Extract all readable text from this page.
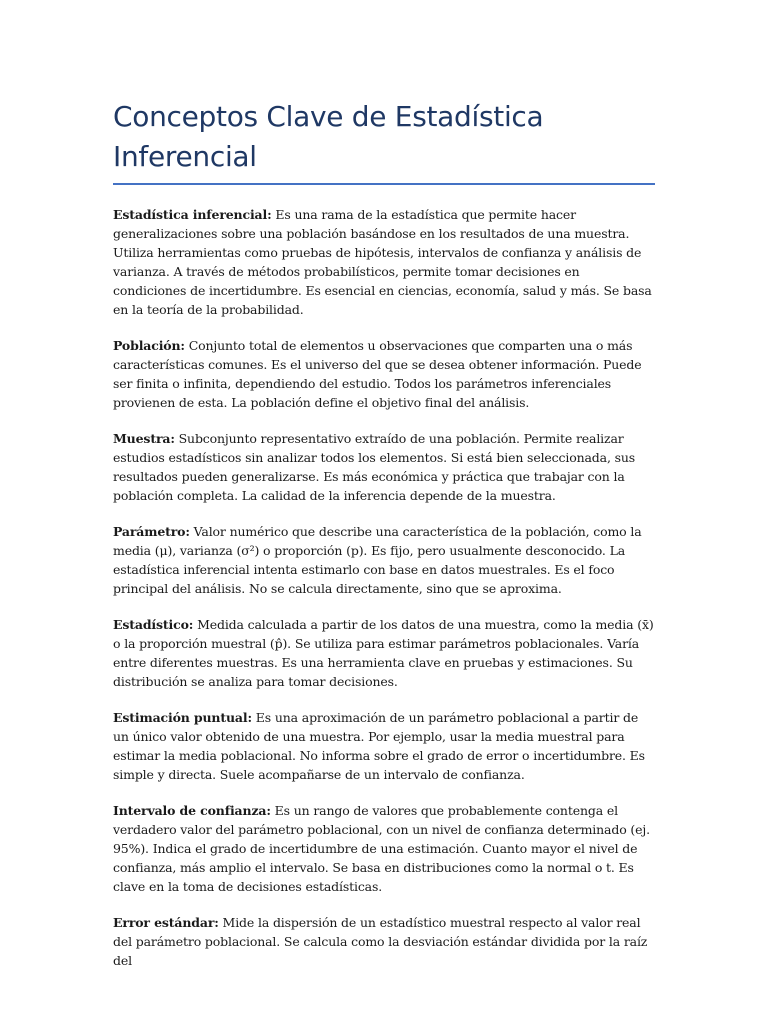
Conceptos Clave de Estadística Inferencial

Estadística inferencial: Es una rama de la estadística que permite hacer generalizaciones sobre una población basándose en los resultados de una muestra. Utiliza herramientas como pruebas de hipótesis, intervalos de confianza y análisis de varianza. A través de métodos probabilísticos, permite tomar decisiones en condiciones de incertidumbre. Es esencial en ciencias, economía, salud y más. Se basa en la teoría de la probabilidad.

Población: Conjunto total de elementos u observaciones que comparten una o más características comunes. Es el universo del que se desea obtener información. Puede ser finita o infinita, dependiendo del estudio. Todos los parámetros inferenciales provienen de esta. La población define el objetivo final del análisis.

Muestra: Subconjunto representativo extraído de una población. Permite realizar estudios estadísticos sin analizar todos los elementos. Si está bien seleccionada, sus resultados pueden generalizarse. Es más económica y práctica que trabajar con la población completa. La calidad de la inferencia depende de la muestra.

Parámetro: Valor numérico que describe una característica de la población, como la media (μ), varianza (σ²) o proporción (p). Es fijo, pero usualmente desconocido. La estadística inferencial intenta estimarlo con base en datos muestrales. Es el foco principal del análisis. No se calcula directamente, sino que se aproxima.

Estadístico: Medida calculada a partir de los datos de una muestra, como la media (x̄) o la proporción muestral (p̂). Se utiliza para estimar parámetros poblacionales. Varía entre diferentes muestras. Es una herramienta clave en pruebas y estimaciones. Su distribución se analiza para tomar decisiones.

Estimación puntual: Es una aproximación de un parámetro poblacional a partir de un único valor obtenido de una muestra. Por ejemplo, usar la media muestral para estimar la media poblacional. No informa sobre el grado de error o incertidumbre. Es simple y directa. Suele acompañarse de un intervalo de confianza.

Intervalo de confianza: Es un rango de valores que probablemente contenga el verdadero valor del parámetro poblacional, con un nivel de confianza determinado (ej. 95%). Indica el grado de incertidumbre de una estimación. Cuanto mayor el nivel de confianza, más amplio el intervalo. Se basa en distribuciones como la normal o t. Es clave en la toma de decisiones estadísticas.

Error estándar: Mide la dispersión de un estadístico muestral respecto al valor real del parámetro poblacional. Se calcula como la desviación estándar dividida por la raíz del
